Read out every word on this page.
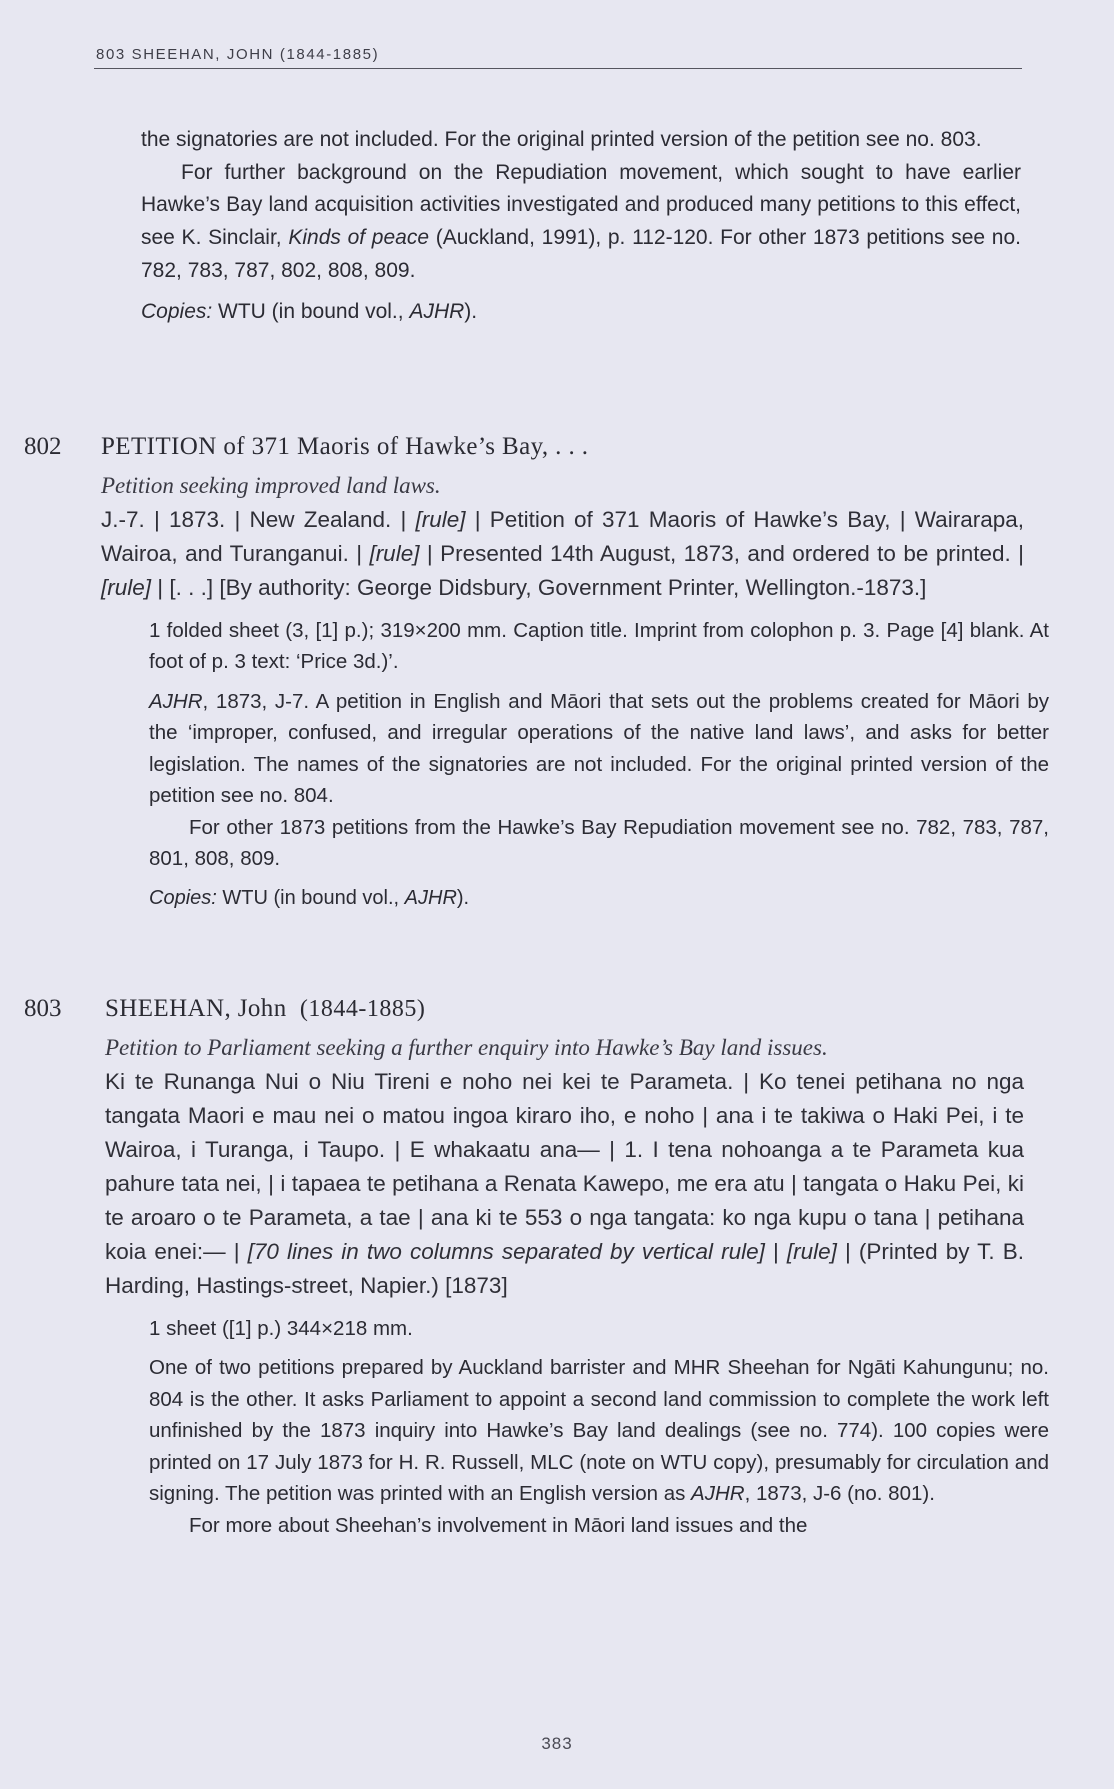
803 SHEEHAN, JOHN (1844-1885)

the signatories are not included. For the original printed version of the petition see no. 803.

For further background on the Repudiation movement, which sought to have earlier Hawke’s Bay land acquisition activities investigated and produced many petitions to this effect, see K. Sinclair, Kinds of peace (Auckland, 1991), p. 112-120. For other 1873 petitions see no. 782, 783, 787, 802, 808, 809.

Copies: WTU (in bound vol., AJHR).

802 PETITION of 371 Maoris of Hawke’s Bay, . . .
Petition seeking improved land laws.
J.-7. | 1873. | New Zealand. | [rule] | Petition of 371 Maoris of Hawke’s Bay, | Wairarapa, Wairoa, and Turanganui. | [rule] | Presented 14th August, 1873, and ordered to be printed. | [rule] | [. . .] [By authority: George Didsbury, Government Printer, Wellington.-1873.]

1 folded sheet (3, [1] p.); 319×200 mm. Caption title. Imprint from colophon p. 3. Page [4] blank. At foot of p. 3 text: ‘Price 3d.)’.

AJHR, 1873, J-7. A petition in English and Māori that sets out the problems created for Māori by the ‘improper, confused, and irregular operations of the native land laws’, and asks for better legislation. The names of the signatories are not included. For the original printed version of the petition see no. 804.

For other 1873 petitions from the Hawke’s Bay Repudiation movement see no. 782, 783, 787, 801, 808, 809.

Copies: WTU (in bound vol., AJHR).

803 SHEEHAN, John (1844-1885)
Petition to Parliament seeking a further enquiry into Hawke’s Bay land issues.
Ki te Runanga Nui o Niu Tireni e noho nei kei te Parameta. | Ko tenei petihana no nga tangata Maori e mau nei o matou ingoa kiraro iho, e noho | ana i te takiwa o Haki Pei, i te Wairoa, i Turanga, i Taupo. | E whakaatu ana— | 1. I tena nohoanga a te Parameta kua pahure tata nei, | i tapaea te petihana a Renata Kawepo, me era atu | tangata o Haku Pei, ki te aroaro o te Parameta, a tae | ana ki te 553 o nga tangata: ko nga kupu o tana | petihana koia enei:— | [70 lines in two columns separated by vertical rule] | [rule] | (Printed by T. B. Harding, Hastings-street, Napier.) [1873]

1 sheet ([1] p.) 344×218 mm.

One of two petitions prepared by Auckland barrister and MHR Sheehan for Ngāti Kahungunu; no. 804 is the other. It asks Parliament to appoint a second land commission to complete the work left unfinished by the 1873 inquiry into Hawke’s Bay land dealings (see no. 774). 100 copies were printed on 17 July 1873 for H. R. Russell, MLC (note on WTU copy), presumably for circulation and signing. The petition was printed with an English version as AJHR, 1873, J-6 (no. 801).

For more about Sheehan’s involvement in Māori land issues and the

383
